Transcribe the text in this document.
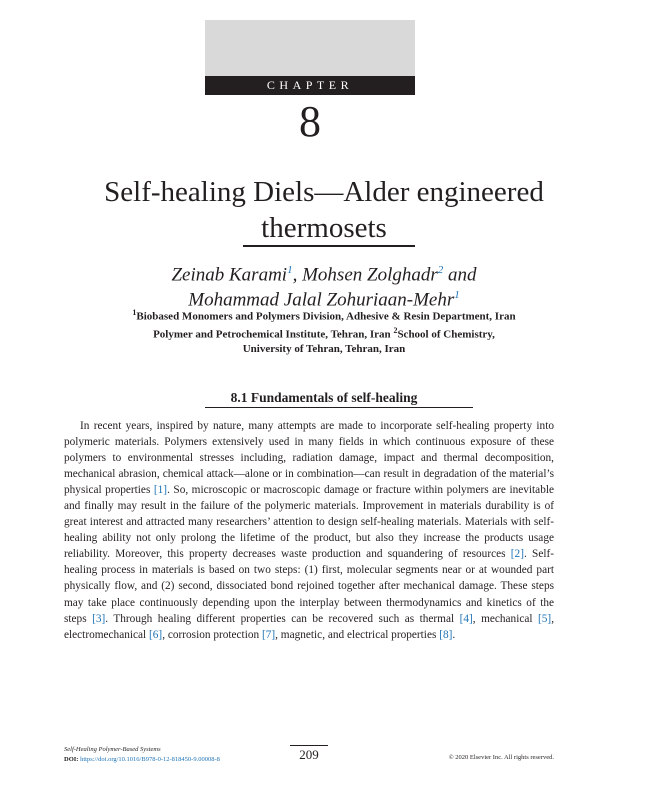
CHAPTER
8
Self-healing Diels—Alder engineered
thermosets
Zeinab Karami$^1$, Mohsen Zolghadr$^2$ and
Mohammad Jalal Zohuriaan-Mehr$^1$
$^1$Biobased Monomers and Polymers Division, Adhesive & Resin Department, Iran
Polymer and Petrochemical Institute, Tehran, Iran $^2$School of Chemistry,
University of Tehran, Tehran, Iran
8.1 Fundamentals of self-healing
In recent years, inspired by nature, many attempts are made to incorporate self-healing property into polymeric materials. Polymers extensively used in many fields in which continuous exposure of these polymers to environmental stresses including, radiation damage, impact and thermal decomposition, mechanical abrasion, chemical attack—alone or in combination—can result in degradation of the material’s physical properties [1]. So, microscopic or macroscopic damage or fracture within polymers are inevitable and finally may result in the failure of the polymeric materials. Improvement in materials durability is of great interest and attracted many researchers’ attention to design self-healing materials. Materials with self-healing ability not only prolong the lifetime of the product, but also they increase the products usage reliability. Moreover, this property decreases waste production and squandering of resources [2]. Self-healing process in materials is based on two steps: (1) first, molecular segments near or at wounded part physically flow, and (2) second, dissociated bond rejoined together after mechanical damage. These steps may take place continuously depending upon the interplay between thermodynamics and kinetics of the steps [3]. Through healing different properties can be recovered such as thermal [4], mechanical [5], electromechanical [6], corrosion protection [7], magnetic, and electrical properties [8].
Self-Healing Polymer-Based Systems
DOI: https://doi.org/10.1016/B978-0-12-818450-9.00008-8	209	© 2020 Elsevier Inc. All rights reserved.
